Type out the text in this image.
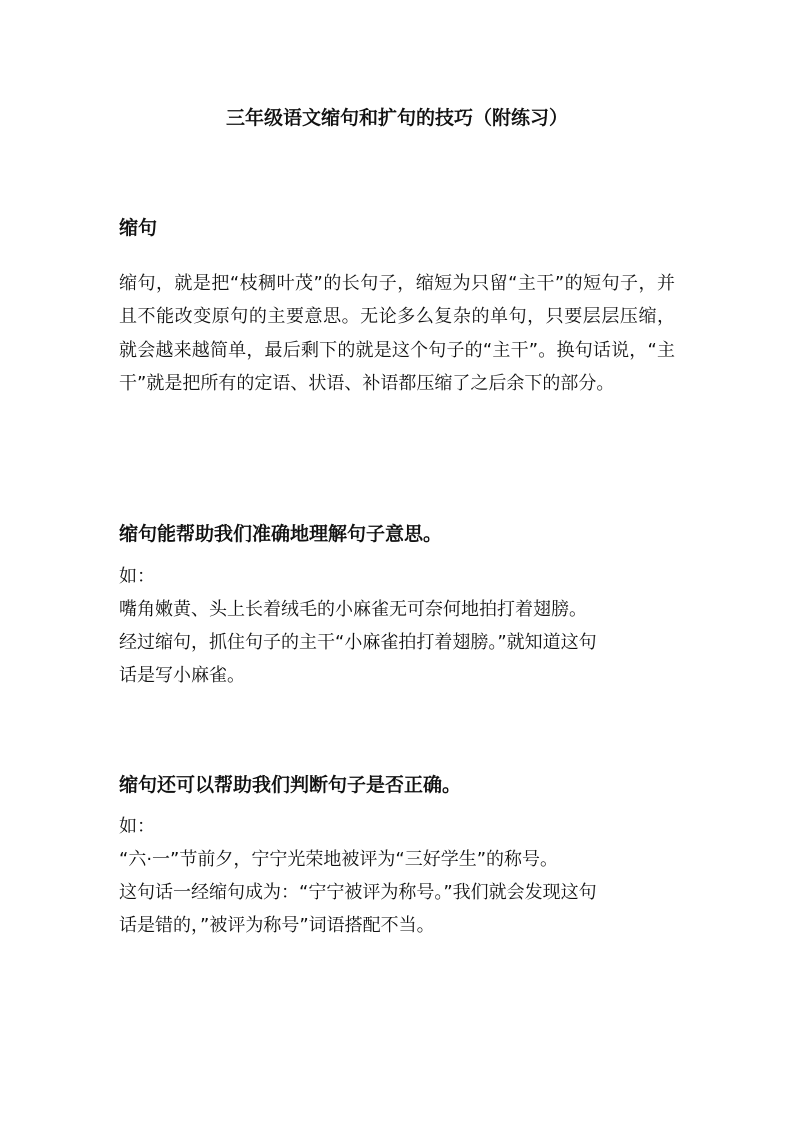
三年级语文缩句和扩句的技巧（附练习）

缩句

缩句，就是把“枝稠叶茂”的长句子，缩短为只留“主干”的短句子，并且不能改变原句的主要意思。无论多么复杂的单句，只要层层压缩，就会越来越简单，最后剩下的就是这个句子的“主干”。换句话说，“主干”就是把所有的定语、状语、补语都压缩了之后余下的部分。

缩句能帮助我们准确地理解句子意思。

如：

嘴角嫩黄、头上长着绒毛的小麻雀无可奈何地拍打着翅膀。

经过缩句，抓住句子的主干“小麻雀拍打着翅膀。”就知道这句

话是写小麻雀。

缩句还可以帮助我们判断句子是否正确。

如：

“六·一”节前夕，宁宁光荣地被评为“三好学生”的称号。

这句话一经缩句成为：“宁宁被评为称号。”我们就会发现这句

话是错的，”被评为称号”词语搭配不当。
